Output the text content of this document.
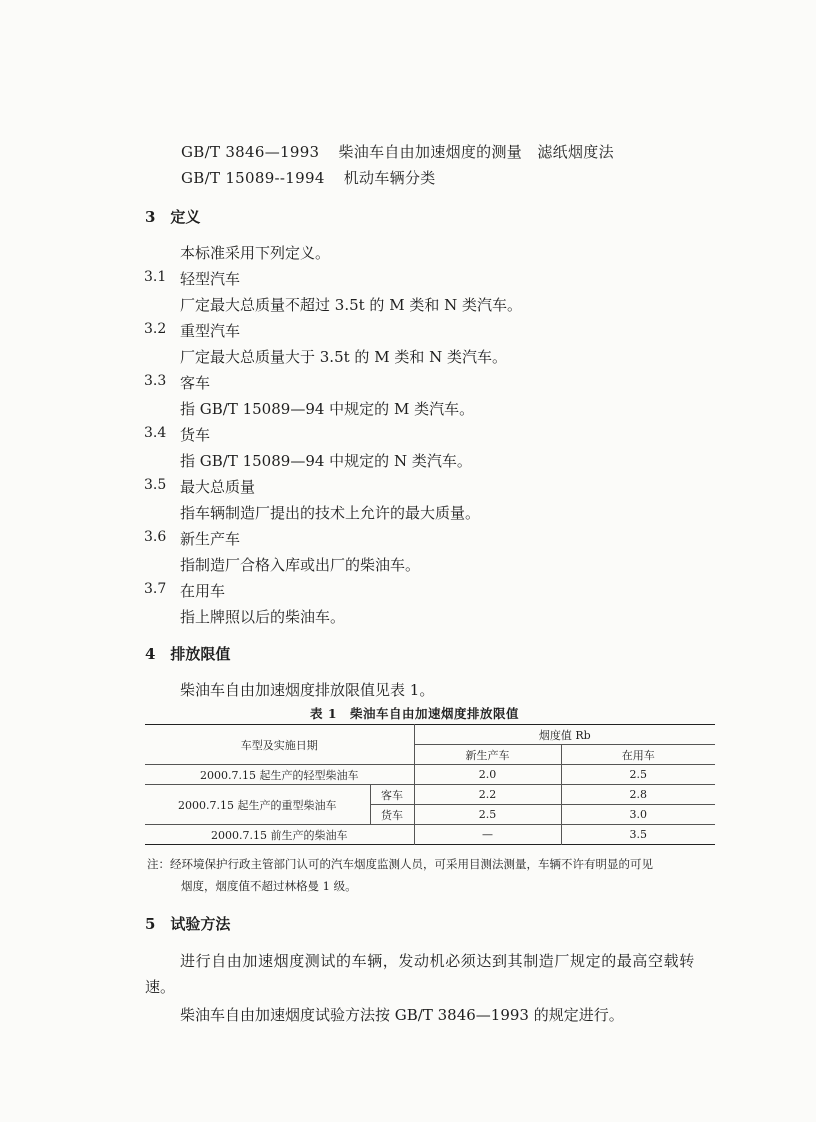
GB/T 3846—1993 柴油车自由加速烟度的测量　滤纸烟度法
GB/T 15089--1994 机动车辆分类
3　定义
本标准采用下列定义。
3.1 轻型汽车
厂定最大总质量不超过 3.5t 的 M 类和 N 类汽车。
3.2 重型汽车
厂定最大总质量大于 3.5t 的 M 类和 N 类汽车。
3.3 客车
指 GB/T 15089—94 中规定的 M 类汽车。
3.4 货车
指 GB/T 15089—94 中规定的 N 类汽车。
3.5 最大总质量
指车辆制造厂提出的技术上允许的最大质量。
3.6 新生产车
指制造厂合格入库或出厂的柴油车。
3.7 在用车
指上牌照以后的柴油车。
4　排放限值
柴油车自由加速烟度排放限值见表 1。
表 1　柴油车自由加速烟度排放限值
车型及实施日期		烟度值 Rb	
		新生产车	在用车
2000.7.15 起生产的轻型柴油车		2.0	2.5
2000.7.15 起生产的重型柴油车	客车	2.2	2.8
	货车	2.5	3.0
2000.7.15 前生产的柴油车		—	3.5
注：经环境保护行政主管部门认可的汽车烟度监测人员，可采用目测法测量，车辆不许有明显的可见
烟度，烟度值不超过林格曼 1 级。
5　试验方法
进行自由加速烟度测试的车辆，发动机必须达到其制造厂规定的最高空载转
速。
柴油车自由加速烟度试验方法按 GB/T 3846—1993 的规定进行。
